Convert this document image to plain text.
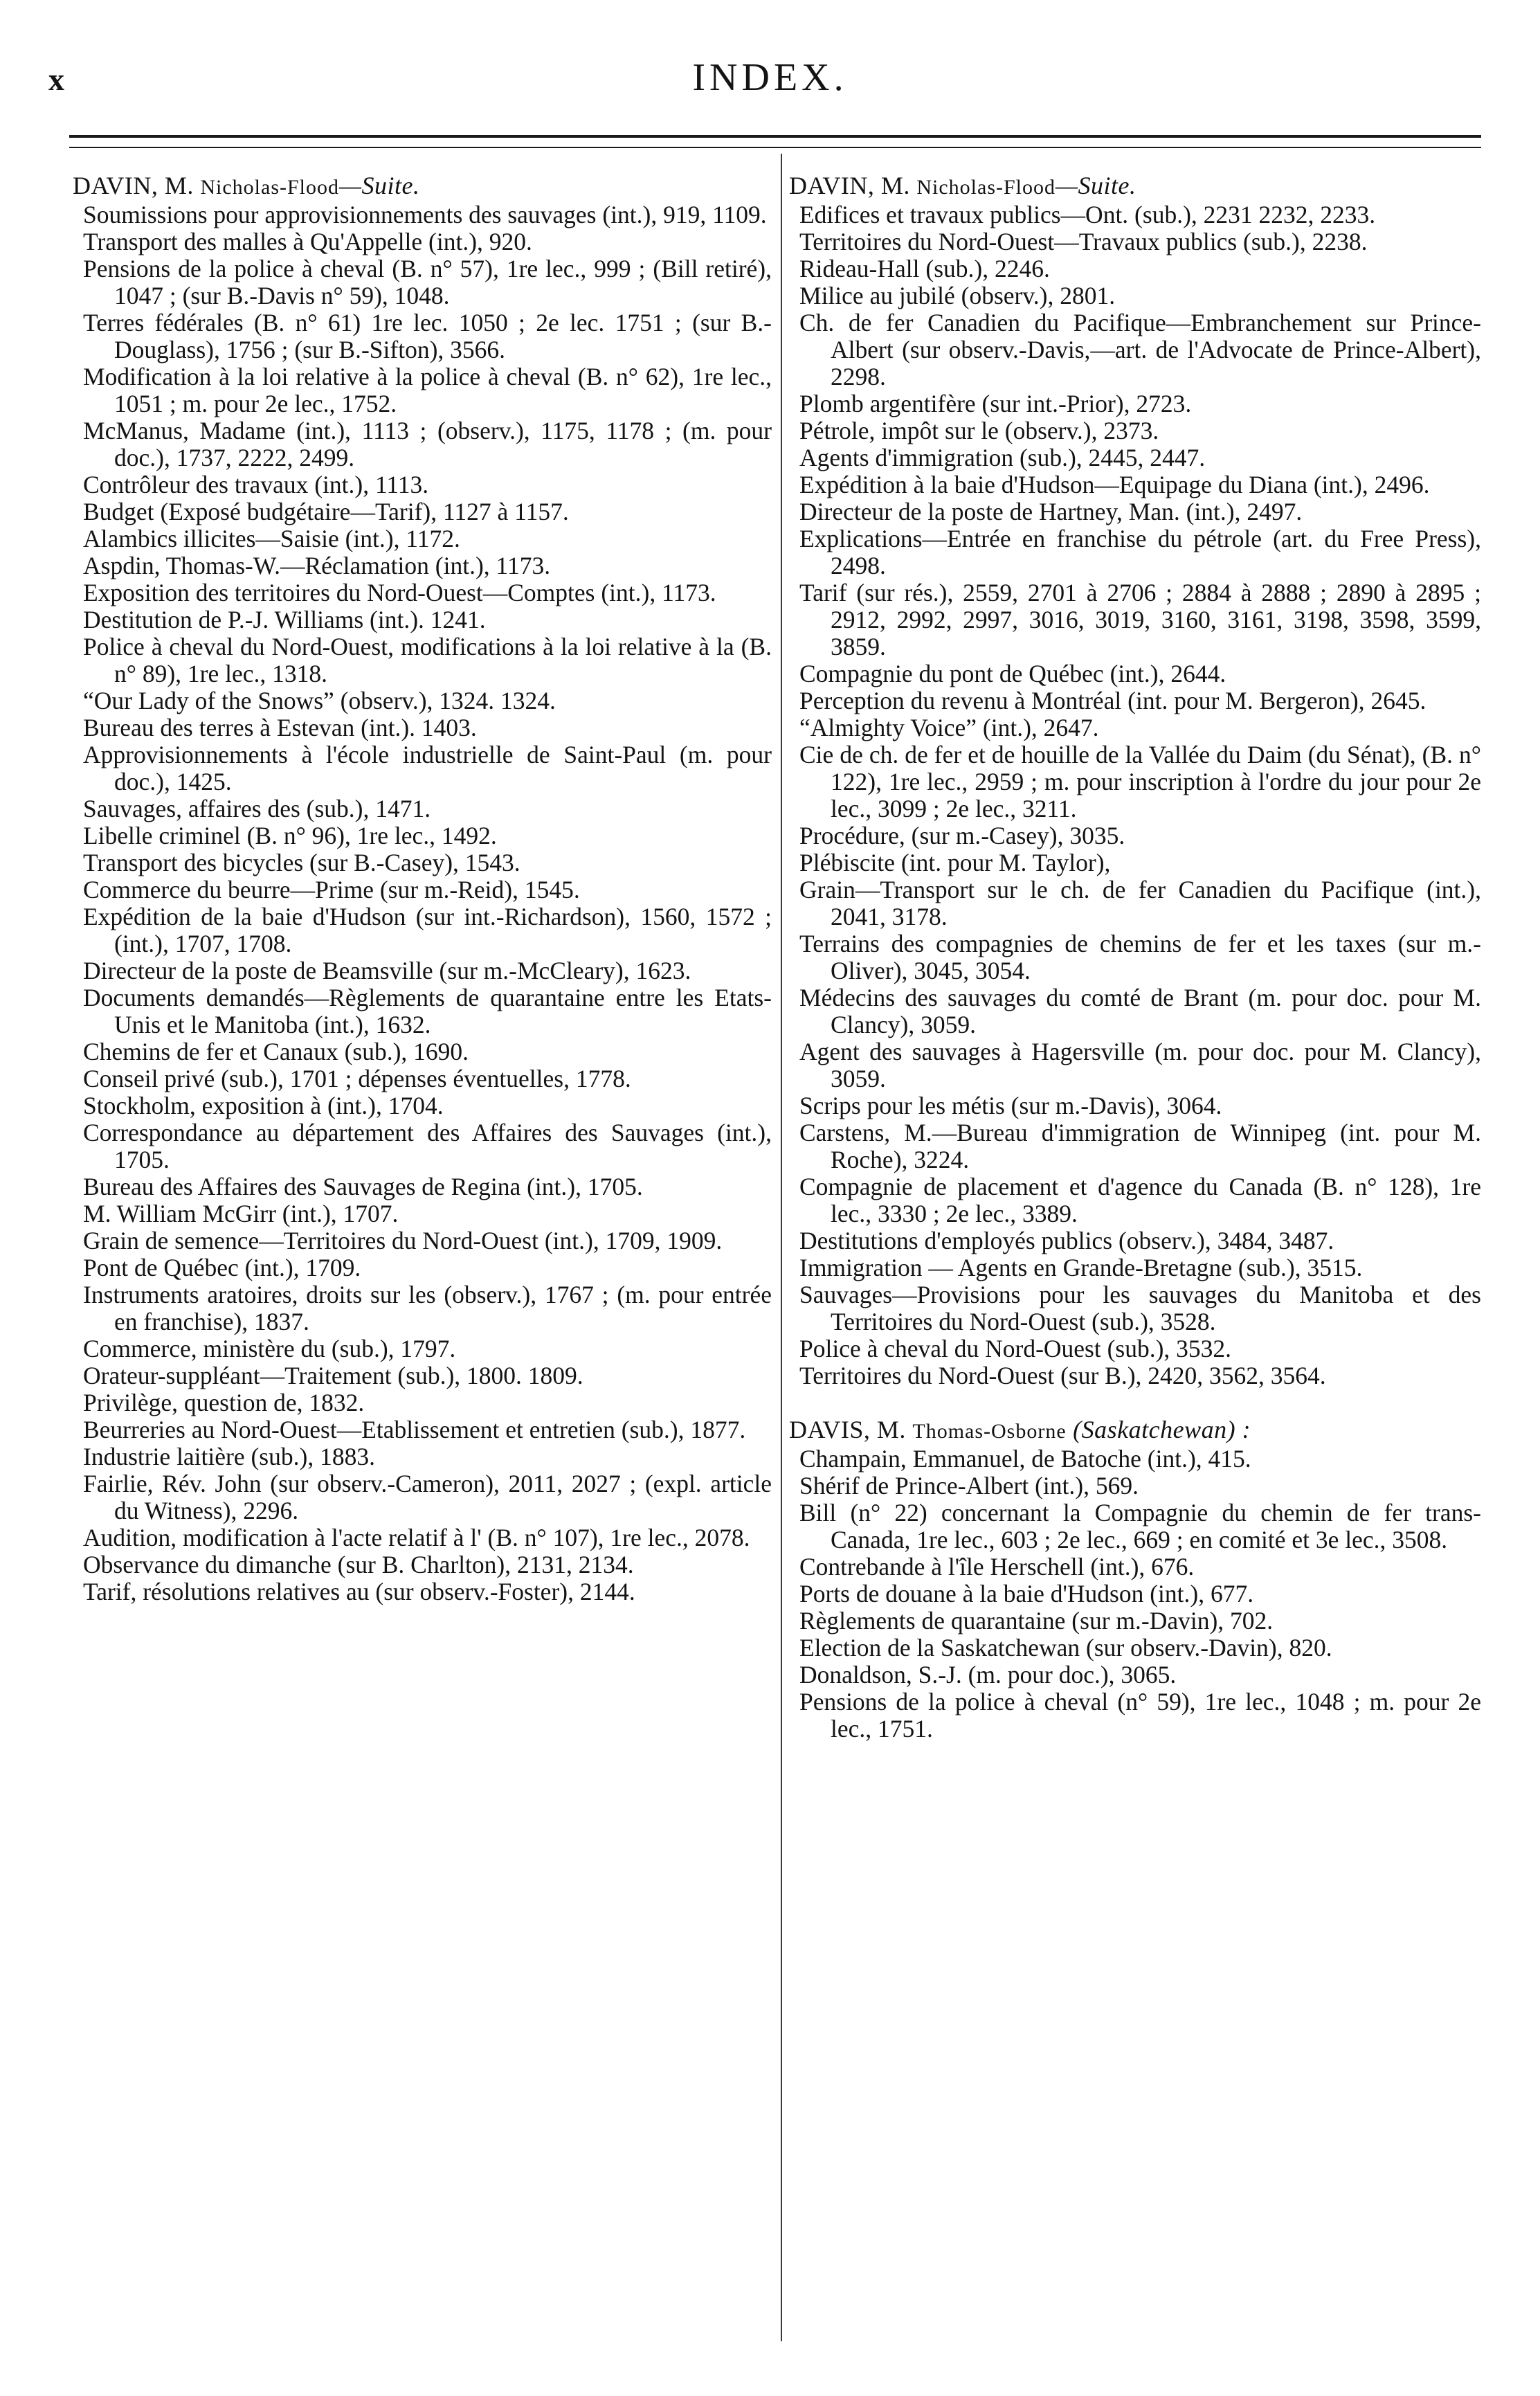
x	INDEX.

DAVIN, M. Nicholas-Flood—Suite.

Soumissions pour approvisionnements des sauvages (int.), 919, 1109.
Transport des malles à Qu'Appelle (int.), 920.
Pensions de la police à cheval (B. n° 57), 1re lec., 999 ; (Bill retiré), 1047 ; (sur B.-Davis n° 59), 1048.
Terres fédérales (B. n° 61) 1re lec. 1050 ; 2e lec. 1751 ; (sur B.-Douglass), 1756 ; (sur B.-Sifton), 3566.
Modification à la loi relative à la police à cheval (B. n° 62), 1re lec., 1051 ; m. pour 2e lec., 1752.
McManus, Madame (int.), 1113 ; (observ.), 1175, 1178 ; (m. pour doc.), 1737, 2222, 2499.
Contrôleur des travaux (int.), 1113.
Budget (Exposé budgétaire—Tarif), 1127 à 1157.
Alambics illicites—Saisie (int.), 1172.
Aspdin, Thomas-W.—Réclamation (int.), 1173.
Exposition des territoires du Nord-Ouest—Comptes (int.), 1173.
Destitution de P.-J. Williams (int.). 1241.
Police à cheval du Nord-Ouest, modifications à la loi relative à la (B. n° 89), 1re lec., 1318.
“Our Lady of the Snows” (observ.), 1324. 1324.
Bureau des terres à Estevan (int.). 1403.
Approvisionnements à l'école industrielle de Saint-Paul (m. pour doc.), 1425.
Sauvages, affaires des (sub.), 1471.
Libelle criminel (B. n° 96), 1re lec., 1492.
Transport des bicycles (sur B.-Casey), 1543.
Commerce du beurre—Prime (sur m.-Reid), 1545.
Expédition de la baie d'Hudson (sur int.-Richardson), 1560, 1572 ; (int.), 1707, 1708.
Directeur de la poste de Beamsville (sur m.-McCleary), 1623.
Documents demandés—Règlements de quarantaine entre les Etats-Unis et le Manitoba (int.), 1632.
Chemins de fer et Canaux (sub.), 1690.
Conseil privé (sub.), 1701 ; dépenses éventuelles, 1778.
Stockholm, exposition à (int.), 1704.
Correspondance au département des Affaires des Sauvages (int.), 1705.
Bureau des Affaires des Sauvages de Regina (int.), 1705.
M. William McGirr (int.), 1707.
Grain de semence—Territoires du Nord-Ouest (int.), 1709, 1909.
Pont de Québec (int.), 1709.
Instruments aratoires, droits sur les (observ.), 1767 ; (m. pour entrée en franchise), 1837.
Commerce, ministère du (sub.), 1797.
Orateur-suppléant—Traitement (sub.), 1800. 1809.
Privilège, question de, 1832.
Beurreries au Nord-Ouest—Etablissement et entretien (sub.), 1877.
Industrie laitière (sub.), 1883.
Fairlie, Rév. John (sur observ.-Cameron), 2011, 2027 ; (expl. article du Witness), 2296.
Audition, modification à l'acte relatif à l' (B. n° 107), 1re lec., 2078.
Observance du dimanche (sur B. Charlton), 2131, 2134.
Tarif, résolutions relatives au (sur observ.-Foster), 2144.

DAVIN, M. Nicholas-Flood—Suite.

Edifices et travaux publics—Ont. (sub.), 2231 2232, 2233.
Territoires du Nord-Ouest—Travaux publics (sub.), 2238.
Rideau-Hall (sub.), 2246.
Milice au jubilé (observ.), 2801.
Ch. de fer Canadien du Pacifique—Embranchement sur Prince-Albert (sur observ.-Davis,—art. de l'Advocate de Prince-Albert), 2298.
Plomb argentifère (sur int.-Prior), 2723.
Pétrole, impôt sur le (observ.), 2373.
Agents d'immigration (sub.), 2445, 2447.
Expédition à la baie d'Hudson—Equipage du Diana (int.), 2496.
Directeur de la poste de Hartney, Man. (int.), 2497.
Explications—Entrée en franchise du pétrole (art. du Free Press), 2498.
Tarif (sur rés.), 2559, 2701 à 2706 ; 2884 à 2888 ; 2890 à 2895 ; 2912, 2992, 2997, 3016, 3019, 3160, 3161, 3198, 3598, 3599, 3859.
Compagnie du pont de Québec (int.), 2644.
Perception du revenu à Montréal (int. pour M. Bergeron), 2645.
“Almighty Voice” (int.), 2647.
Cie de ch. de fer et de houille de la Vallée du Daim (du Sénat), (B. n° 122), 1re lec., 2959 ; m. pour inscription à l'ordre du jour pour 2e lec., 3099 ; 2e lec., 3211.
Procédure, (sur m.-Casey), 3035.
Plébiscite (int. pour M. Taylor),
Grain—Transport sur le ch. de fer Canadien du Pacifique (int.), 2041, 3178.
Terrains des compagnies de chemins de fer et les taxes (sur m.-Oliver), 3045, 3054.
Médecins des sauvages du comté de Brant (m. pour doc. pour M. Clancy), 3059.
Agent des sauvages à Hagersville (m. pour doc. pour M. Clancy), 3059.
Scrips pour les métis (sur m.-Davis), 3064.
Carstens, M.—Bureau d'immigration de Winnipeg (int. pour M. Roche), 3224.
Compagnie de placement et d'agence du Canada (B. n° 128), 1re lec., 3330 ; 2e lec., 3389.
Destitutions d'employés publics (observ.), 3484, 3487.
Immigration — Agents en Grande-Bretagne (sub.), 3515.
Sauvages—Provisions pour les sauvages du Manitoba et des Territoires du Nord-Ouest (sub.), 3528.
Police à cheval du Nord-Ouest (sub.), 3532.
Territoires du Nord-Ouest (sur B.), 2420, 3562, 3564.

DAVIS, M. Thomas-Osborne (Saskatchewan) :

Champain, Emmanuel, de Batoche (int.), 415.
Shérif de Prince-Albert (int.), 569.
Bill (n° 22) concernant la Compagnie du chemin de fer trans-Canada, 1re lec., 603 ; 2e lec., 669 ; en comité et 3e lec., 3508.
Contrebande à l'île Herschell (int.), 676.
Ports de douane à la baie d'Hudson (int.), 677.
Règlements de quarantaine (sur m.-Davin), 702.
Election de la Saskatchewan (sur observ.-Davin), 820.
Donaldson, S.-J. (m. pour doc.), 3065.
Pensions de la police à cheval (n° 59), 1re lec., 1048 ; m. pour 2e lec., 1751.
